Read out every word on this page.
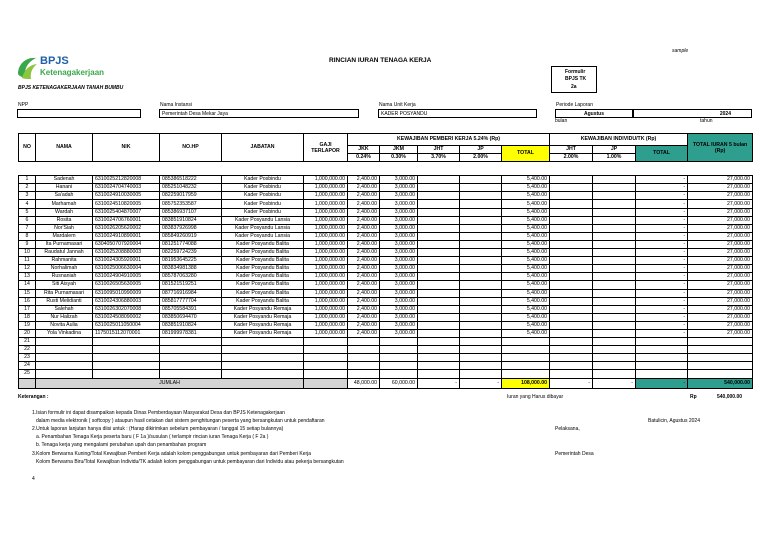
sample
RINCIAN IURAN TENAGA KERJA
BPJS
Ketenagakerjaan
BPJS KETENAGAKERJAAN TANAH BUMBU
Formulir
BPJS TK
2a
NPP	Nama Instansi
Pemerintah Desa Mekar Jaya
Nama Unit Kerja
KADER POSYANDU
Periode Laporan
Agustus	2024
bulan	tahun
NO	NAMA	NIK	NO.HP	JABATAN	GAJI TERLAPOR	KEWAJIBAN PEMBERI KERJA 5.24% (Rp)					KEWAJIBAN INDIVIDU/TK (Rp)			TOTAL IURAN 5 bulan (Rp)
						JKK	JKM	JHT	JP	TOTAL	JHT	JP	TOTAL	
						0.24%	0.30%	3.70%	2.00%		2.00%	1.00%		

1	Sadenah	6310025212820008	085386518222	Kader Posbindu	1,000,000.00	2,400.00	3,000.00			5,400.00			-	27,000.00
2	Hanani	6310024704740003	085251048232	Kader Posbindu	1,000,000.00	2,400.00	3,000.00			5,400.00			-	27,000.00
3	Sa'adah	6310024910030005	082259017959	Kader Posbindu	1,000,000.00	2,400.00	3,000.00			5,400.00			-	27,000.00
4	Marhamah	6310024510820005	085752353587	Kader Posbindu	1,000,000.00	2,400.00	3,000.00			5,400.00			-	27,000.00
5	Wardah	6310025404870007	085386937107	Kader Posbindu	1,000,000.00	2,400.00	3,000.00			5,400.00			-	27,000.00
6	Rosita	6310024706760001	083851910824	Kader Posyandu Lansia	1,000,000.00	2,400.00	3,000.00			5,400.00			-	27,000.00
7	Nor'Siah	6310026205620002	083837926998	Kader Posyandu Lansia	1,000,000.00	2,400.00	3,000.00			5,400.00			-	27,000.00
8	Mardalem	6310024910890001	085849260919	Kader Posyandu Lansia	1,000,000.00	2,400.00	3,000.00			5,400.00			-	27,000.00
9	Ita Purnamasari	6304050707920004	081251774088	Kader Posyandu Balita	1,000,000.00	2,400.00	3,000.00			5,400.00			-	27,000.00
10	Raudatul Jannah	6310025208880003	082259724239	Kader Posyandu Balita	1,000,000.00	2,400.00	3,000.00			5,400.00			-	27,000.00
11	Rahmanita	6310024305920001	081953645225	Kader Posyandu Balita	1,000,000.00	2,400.00	3,000.00			5,400.00			-	27,000.00
12	Norhalimah	6310025006630004	083834981388	Kader Posyandu Balita	1,000,000.00	2,400.00	3,000.00			5,400.00			-	27,000.00
13	Rusnaniah	6310024904910005	085787063280	Kader Posyandu Balita	1,000,000.00	2,400.00	3,000.00			5,400.00			-	27,000.00
14	Siti Aisyah	6310026505630005	081521519251	Kader Posyandu Balita	1,000,000.00	2,400.00	3,000.00			5,400.00			-	27,000.00
15	Rita Purnamasari	6310095010990009	087716916984	Kader Posyandu Balita	1,000,000.00	2,400.00	3,000.00			5,400.00			-	27,000.00
16	Rusti Melidianti	6310024306880003	085817777704	Kader Posyandu Balita	1,000,000.00	2,400.00	3,000.00			5,400.00			-	27,000.00
17	Salehah	6310026302070008	085705584391	Kader Posyandu Remaja	1,000,000.00	2,400.00	3,000.00			5,400.00			-	27,000.00
18	Nur Halizah	6310024508090002	083850694470	Kader Posyandu Remaja	1,000,000.00	2,400.00	3,000.00			5,400.00			-	27,000.00
19	Novita Aulia	6310025011050004	083851910824	Kader Posyandu Remaja	1,000,000.00	2,400.00	3,000.00			5,400.00			-	27,000.00
20	Yola Vinkadina	1175015112070001	081999978381	Kader Posyandu Remaja	1,000,000.00	2,400.00	3,000.00			5,400.00			-	27,000.00
21														
22														
23														
24														
25														
	JUMLAH					48,000.00	60,000.00	-	-	108,000.00	-	-	-	540,000.00
Keterangan :	Iuran yang Harus dibayar	Rp	540,000.00
1.Isian formulir ini dapat disampaikan kepada Dinas Pemberdayaan Masyarakat Desa dan BPJS Ketenagakerjaan
dalam media elektronik ( softcopy ) ataupun hasil cetakan dari sistem penghitungan peserta yang bersangkutan untuk pendaftaran
2.Untuk laporan lanjutan hanya diisi untuk : (Harap dikirimkan sebelum pembayaran / tanggal 15 setiap bulannya)
a. Penambahan Tenaga Kerja peserta baru ( F 1a )/susulan ( terlampir rincian iuran Tenaga Kerja ( F 2a )
b. Tenaga kerja yang mengalami perubahan upah dan penambahan program
3.Kolom Berwarna Kuning/Total Kewajiban Pemberi Kerja adalah kolom penggabungan untuk pembayaran dari Pemberi Kerja
Kolom Berwarna Biru/Total Kewajiban Individu/TK adalah kolom penggabungan untuk pembayaran dari Individu atau pekerja bersangkutan
Batulicin, Agustus 2024
Pelaksana,
Pemerintah Desa
4
